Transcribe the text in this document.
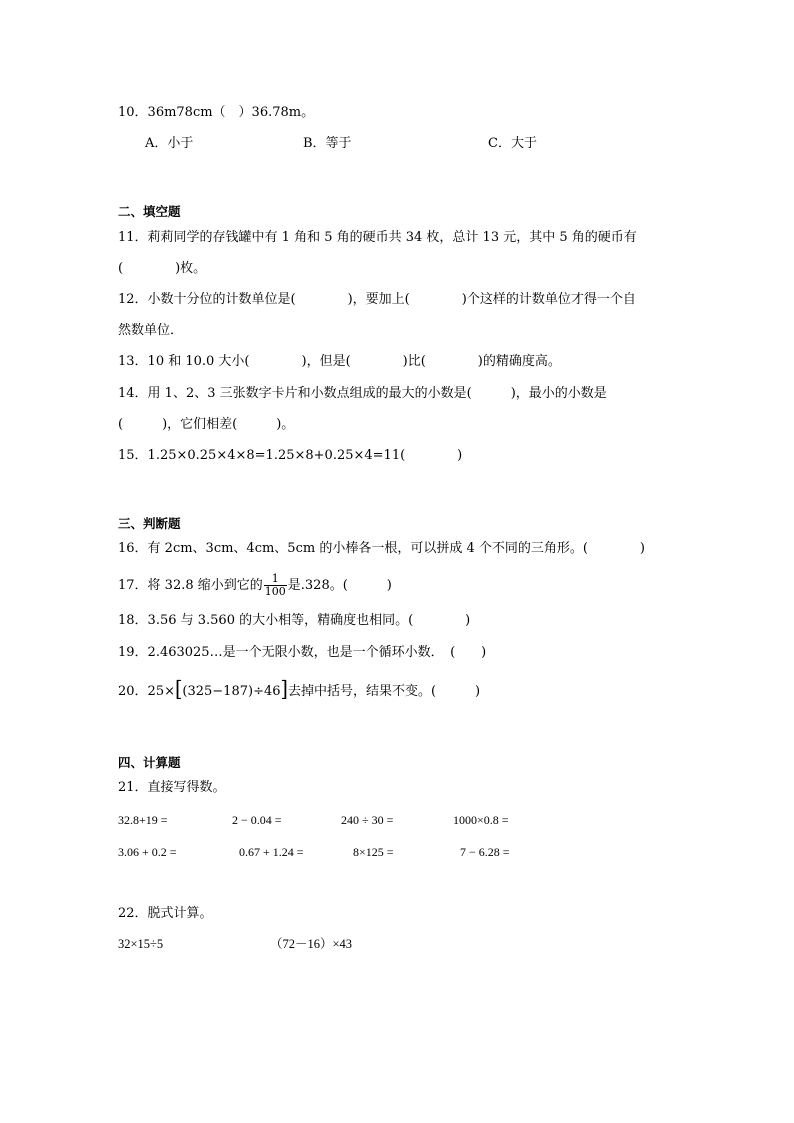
10．36m78cm（　）36.78m。
A．小于	B．等于	C．大于
二、填空题
11．莉莉同学的存钱罐中有 1 角和 5 角的硬币共 34 枚，总计 13 元，其中 5 角的硬币有
(　　　　)枚。
12．小数十分位的计数单位是(　　　　)，要加上(　　　　)个这样的计数单位才得一个自
然数单位．
13．10 和 10.0 大小(　　　　)，但是(　　　　)比(　　　　)的精确度高。
14．用 1、2、3 三张数字卡片和小数点组成的最大的小数是(　　　)，最小的小数是
(　　　)，它们相差(　　　)。
15．1.25×0.25×4×8=1.25×8+0.25×4=11(　　　　)
三、判断题
16．有 2cm、3cm、4cm、5cm 的小棒各一根，可以拼成 4 个不同的三角形。(　　　　)
17．将 32.8 缩小到它的 $\frac{1}{100}$ 是.328。(　　　)
18．3.56 与 3.560 的大小相等，精确度也相同。(　　　　)
19．2.463025…是一个无限小数，也是一个循环小数．　(　　)
20．25×[(325−187)÷46]去掉中括号，结果不变。(　　　)
四、计算题
21．直接写得数。
32.8+19 =	2 − 0.04 =	240 ÷ 30 =	1000×0.8 =
3.06 + 0.2 =	0.67 + 1.24 =	8×125 =	7 − 6.28 =
22．脱式计算。
32×15÷5	（72－16）×43
